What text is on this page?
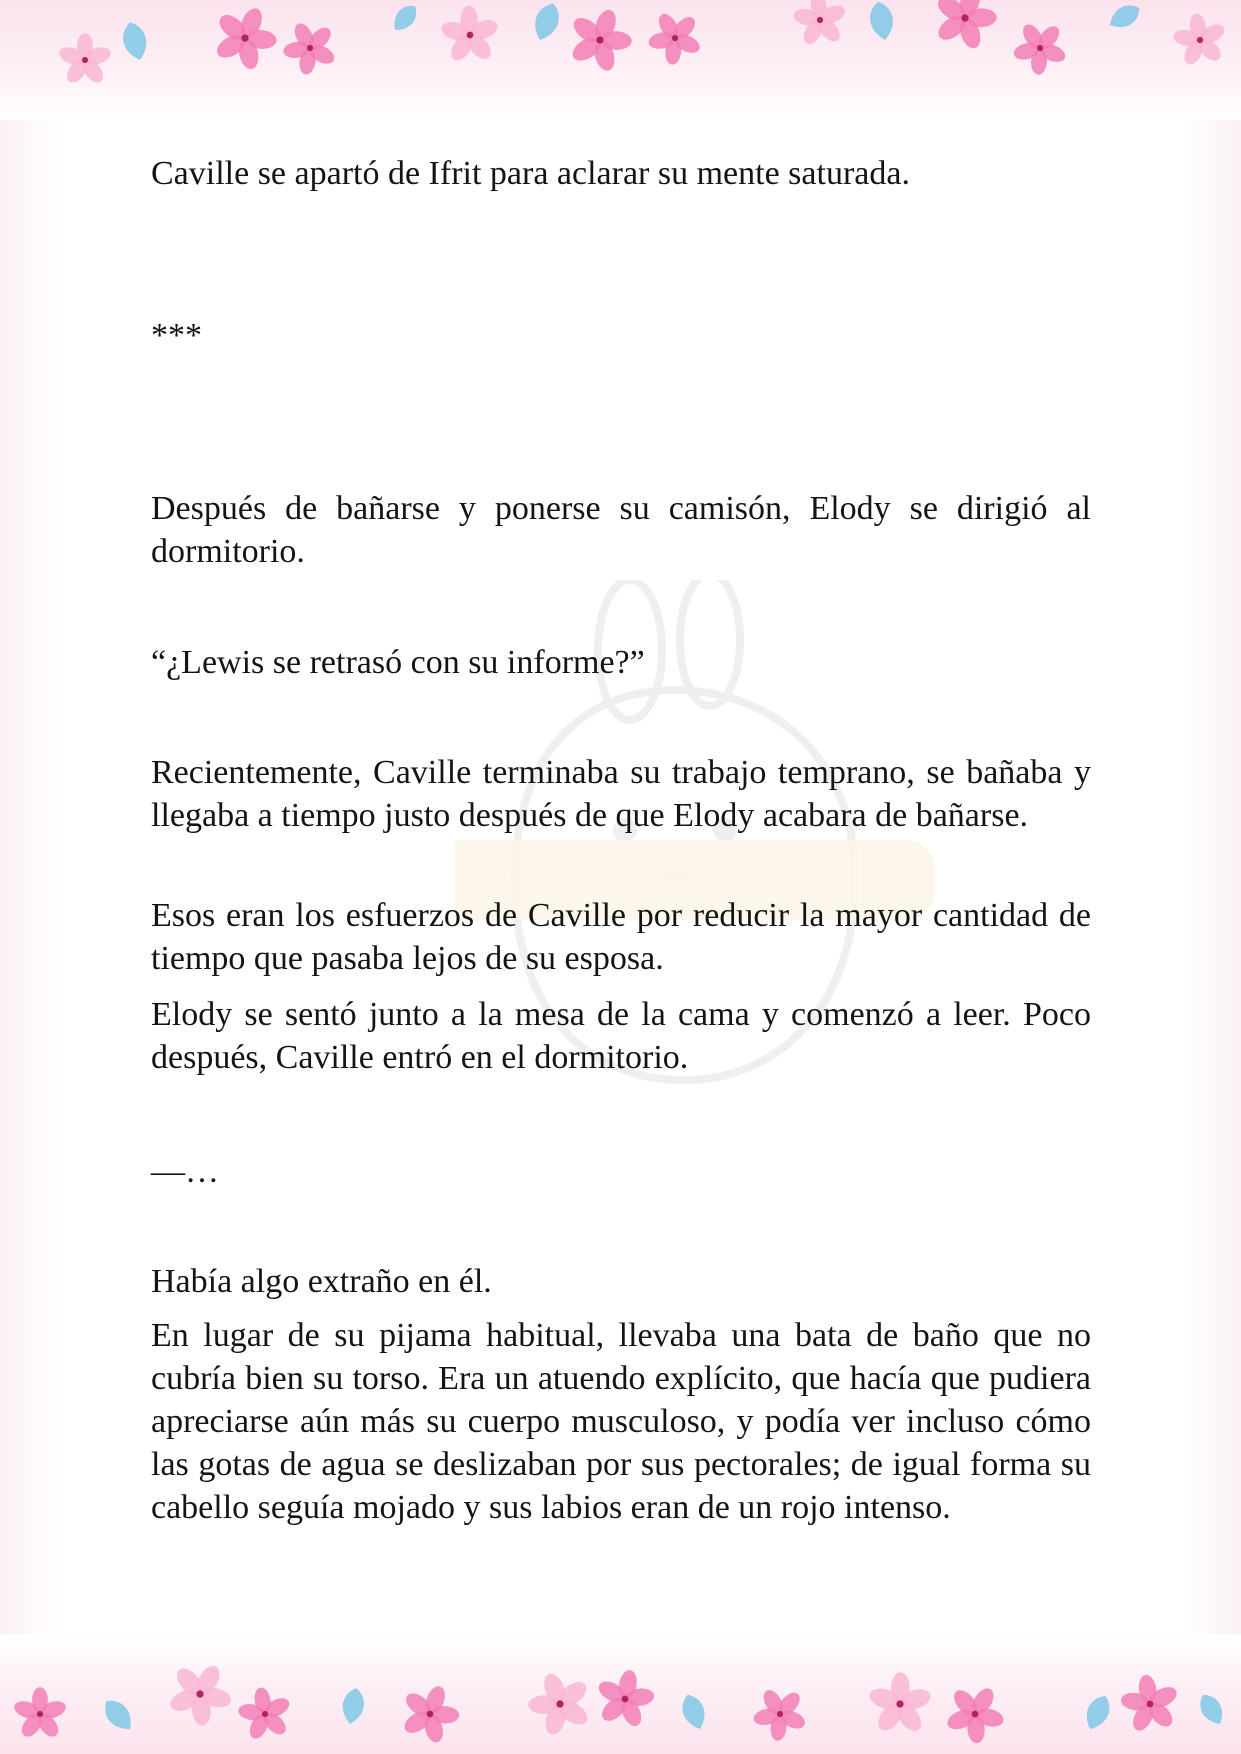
Caville se apartó de Ifrit para aclarar su mente saturada.
***

Después de bañarse y ponerse su camisón, Elody se dirigió al dormitorio.

“¿Lewis se retrasó con su informe?”

Recientemente, Caville terminaba su trabajo temprano, se bañaba y llegaba a tiempo justo después de que Elody acabara de bañarse.

Esos eran los esfuerzos de Caville por reducir la mayor cantidad de tiempo que pasaba lejos de su esposa.

Elody se sentó junto a la mesa de la cama y comenzó a leer. Poco después, Caville entró en el dormitorio.

—…
Había algo extraño en él.

En lugar de su pijama habitual, llevaba una bata de baño que no cubría bien su torso. Era un atuendo explícito, que hacía que pudiera apreciarse aún más su cuerpo musculoso, y podía ver incluso cómo las gotas de agua se deslizaban por sus pectorales; de igual forma su cabello seguía mojado y sus labios eran de un rojo intenso.
